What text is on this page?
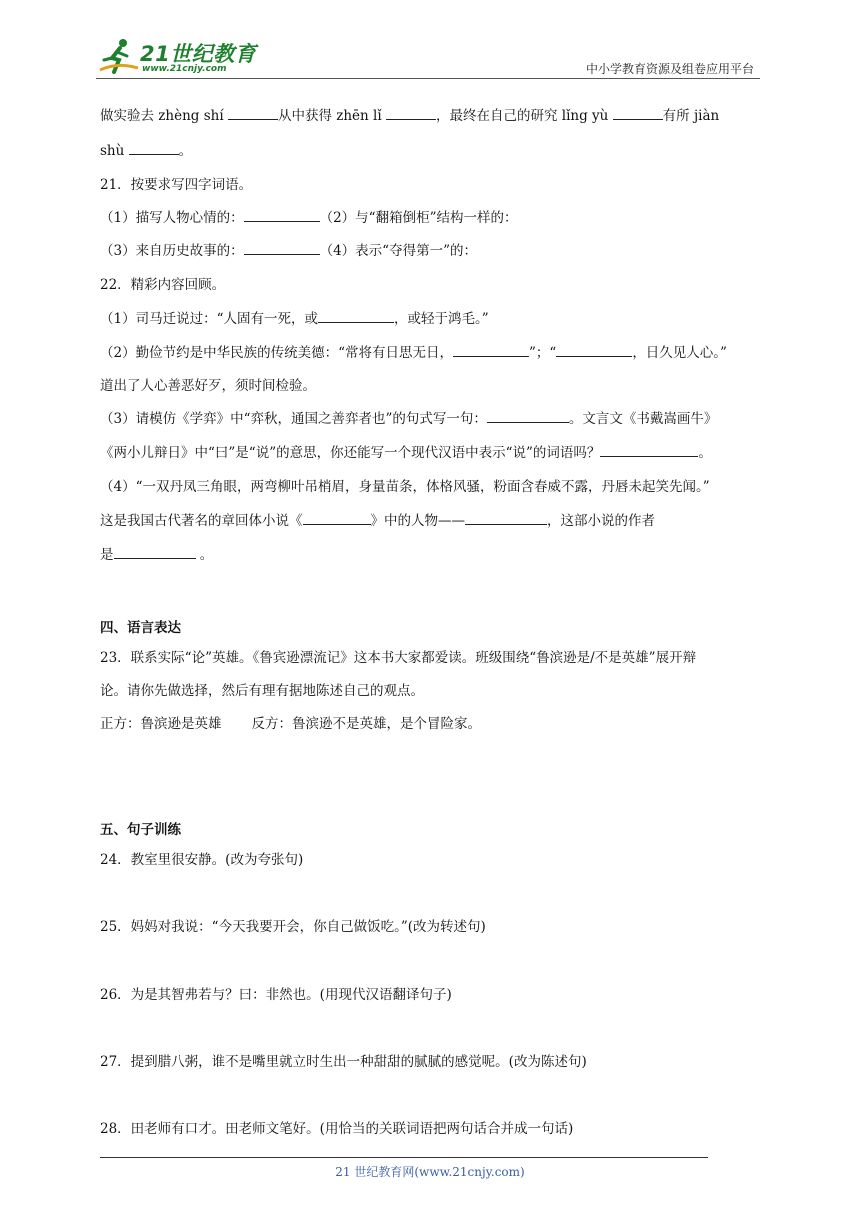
21世纪教育
www.21cnjy.com	中小学教育资源及组卷应用平台
做实验去 zhèng shí	从中获得 zhēn lǐ	，最终在自己的研究 lǐng yù	有所 jiàn
shù	。
21．按要求写四字词语。
（1）描写人物心情的：	（2）与“翻箱倒柜”结构一样的：
（3）来自历史故事的：	（4）表示“夺得第一”的：
22．精彩内容回顾。
（1）司马迁说过：“人固有一死，或	，或轻于鸿毛。”
（2）勤俭节约是中华民族的传统美德：“常将有日思无日，	”；“	，日久见人心。”
道出了人心善恶好歹，须时间检验。
（3）请模仿《学弈》中“弈秋，通国之善弈者也”的句式写一句：	。文言文《书戴嵩画牛》
《两小儿辩日》中“曰”是“说”的意思，你还能写一个现代汉语中表示“说”的词语吗？	。
（4）“一双丹凤三角眼，两弯柳叶吊梢眉，身量苗条，体格风骚，粉面含春威不露，丹唇未起笑先闻。”
这是我国古代著名的章回体小说《	》中的人物——	，这部小说的作者
是	。
四、语言表达
23．联系实际“论”英雄。《鲁宾逊漂流记》这本书大家都爱读。班级围绕“鲁滨逊是/不是英雄”展开辩
论。请你先做选择，然后有理有据地陈述自己的观点。
正方：鲁滨逊是英雄 反方：鲁滨逊不是英雄，是个冒险家。
五、句子训练
24．教室里很安静。(改为夸张句)
25．妈妈对我说：“今天我要开会，你自己做饭吃。”(改为转述句)
26．为是其智弗若与？曰：非然也。(用现代汉语翻译句子)
27．提到腊八粥，谁不是嘴里就立时生出一种甜甜的腻腻的感觉呢。(改为陈述句)
28．田老师有口才。田老师文笔好。(用恰当的关联词语把两句话合并成一句话)
21 世纪教育网(www.21cnjy.com)
